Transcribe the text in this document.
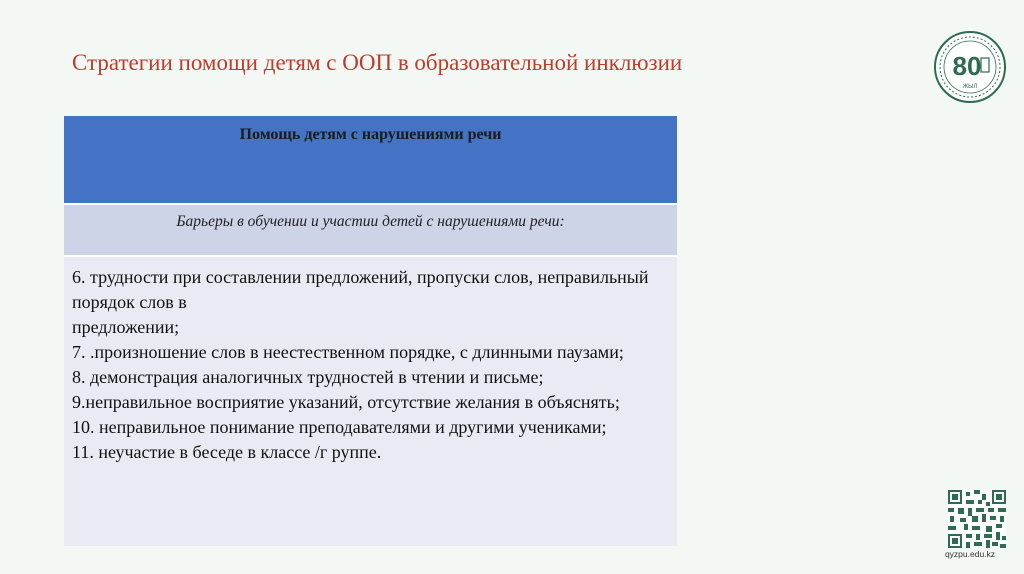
Стратегии помощи детям с ООП в образовательной инклюзии
Помощь детям с нарушениями речи
Барьеры в обучении и участии детей с нарушениями речи:

6. трудности при составлении предложений, пропуски слов, неправильный порядок слов в

предложении;

7. .произношение слов в неестественном порядке, с длинными паузами;

8. демонстрация аналогичных трудностей в чтении и письме;

9.неправильное восприятие указаний, отсутствие желания в объяснять;

10. неправильное понимание преподавателями и другими учениками;

11. неучастие в беседе в классе /г руппе.

80
ЖЫЛ
qyzpu.edu.kz
